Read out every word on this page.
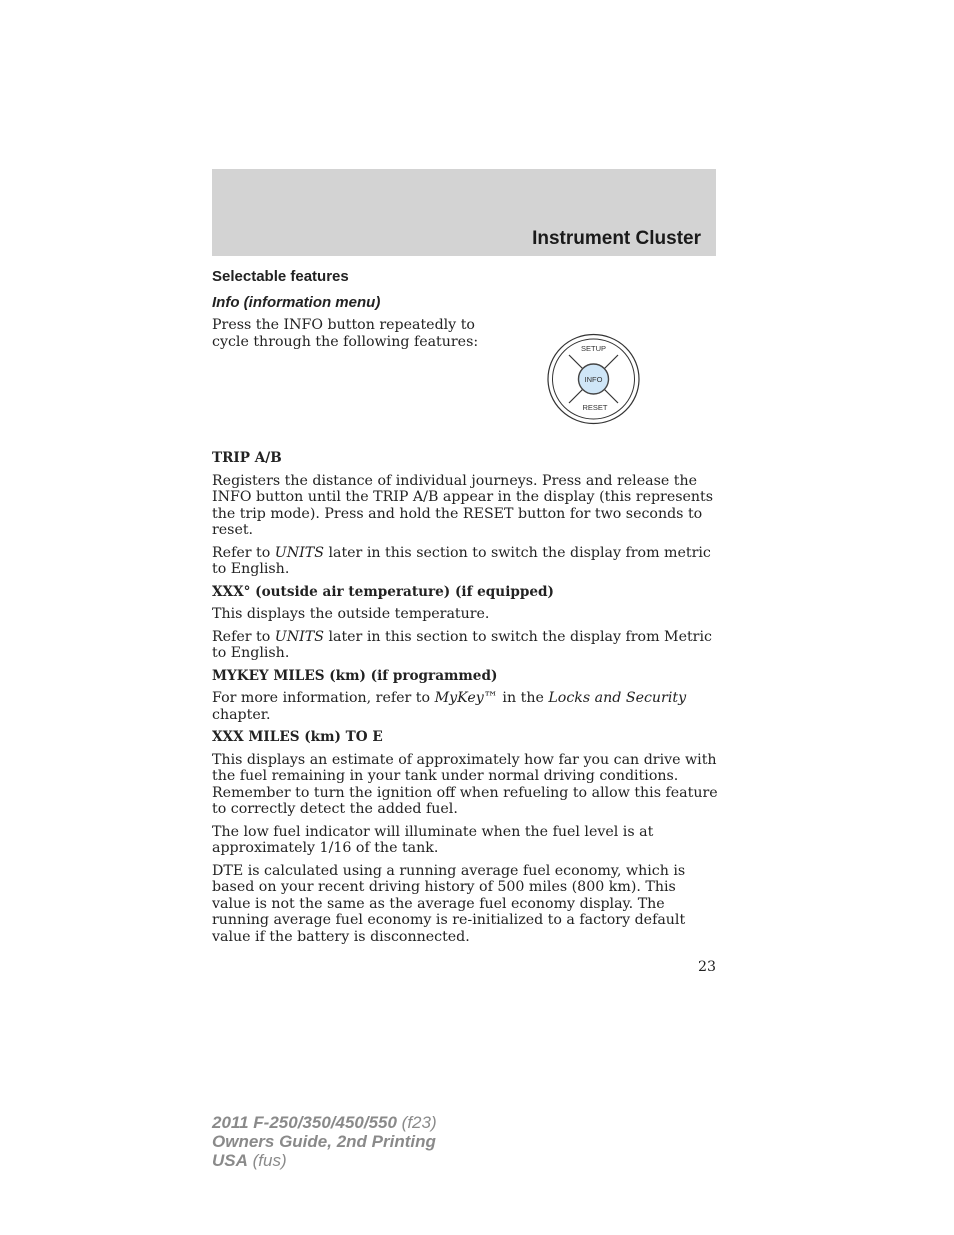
Instrument Cluster
Selectable features
Info (information menu)
Press the INFO button repeatedly to cycle through the following features:	SETUP
INFO
RESET

TRIP A/B

Registers the distance of individual journeys. Press and release the INFO button until the TRIP A/B appear in the display (this represents the trip mode). Press and hold the RESET button for two seconds to reset.

Refer to UNITS later in this section to switch the display from metric to English.

XXX° (outside air temperature) (if equipped)

This displays the outside temperature.

Refer to UNITS later in this section to switch the display from Metric to English.

MYKEY MILES (km) (if programmed)

For more information, refer to MyKey™ in the Locks and Security chapter.

XXX MILES (km) TO E

This displays an estimate of approximately how far you can drive with the fuel remaining in your tank under normal driving conditions. Remember to turn the ignition off when refueling to allow this feature to correctly detect the added fuel.

The low fuel indicator will illuminate when the fuel level is at approximately 1/16 of the tank.

DTE is calculated using a running average fuel economy, which is based on your recent driving history of 500 miles (800 km). This value is not the same as the average fuel economy display. The running average fuel economy is re-initialized to a factory default value if the battery is disconnected.

23
2011 F-250/350/450/550 (f23)
Owners Guide, 2nd Printing
USA (fus)
